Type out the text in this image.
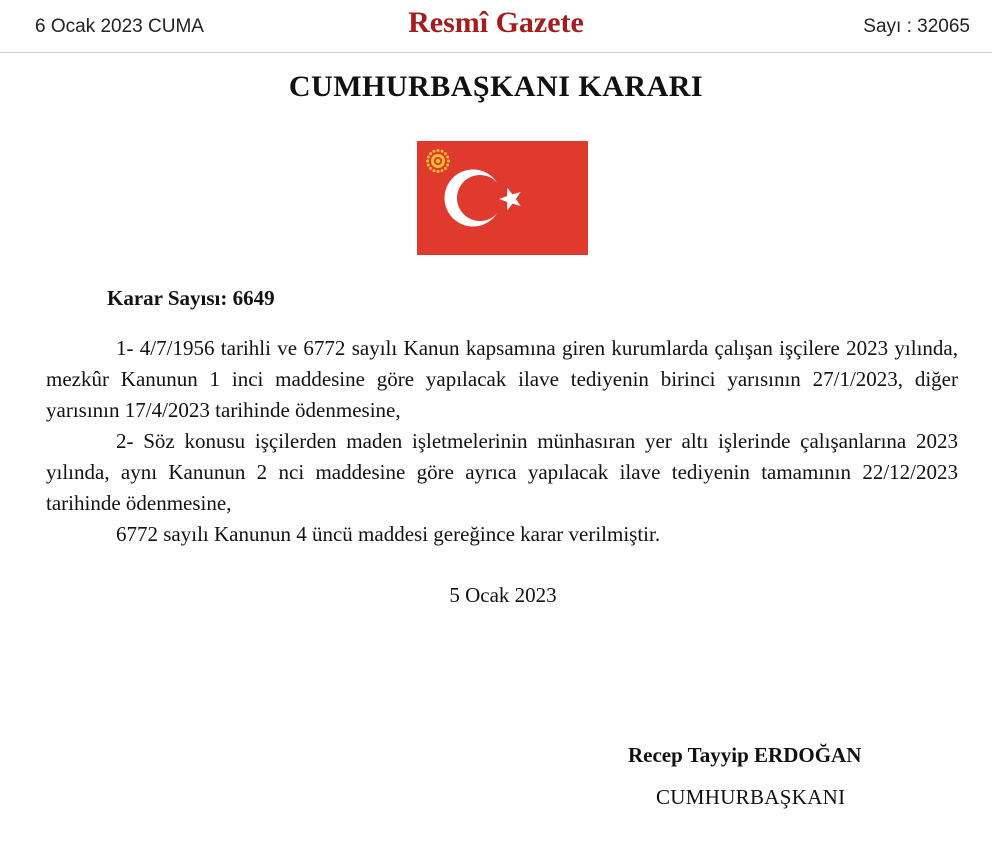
6 Ocak 2023 CUMA	Resmî Gazete	Sayı : 32065
CUMHURBAŞKANI KARARI
Karar Sayısı: 6649

1- 4/7/1956 tarihli ve 6772 sayılı Kanun kapsamına giren kurumlarda çalışan işçilere 2023 yılında, mezkûr Kanunun 1 inci maddesine göre yapılacak ilave tediyenin birinci yarısının 27/1/2023, diğer yarısının 17/4/2023 tarihinde ödenmesine,

2- Söz konusu işçilerden maden işletmelerinin münhasıran yer altı işlerinde çalışanlarına 2023 yılında, aynı Kanunun 2 nci maddesine göre ayrıca yapılacak ilave tediyenin tamamının 22/12/2023 tarihinde ödenmesine,

6772 sayılı Kanunun 4 üncü maddesi gereğince karar verilmiştir.

5 Ocak 2023
Recep Tayyip ERDOĞAN
CUMHURBAŞKANI
